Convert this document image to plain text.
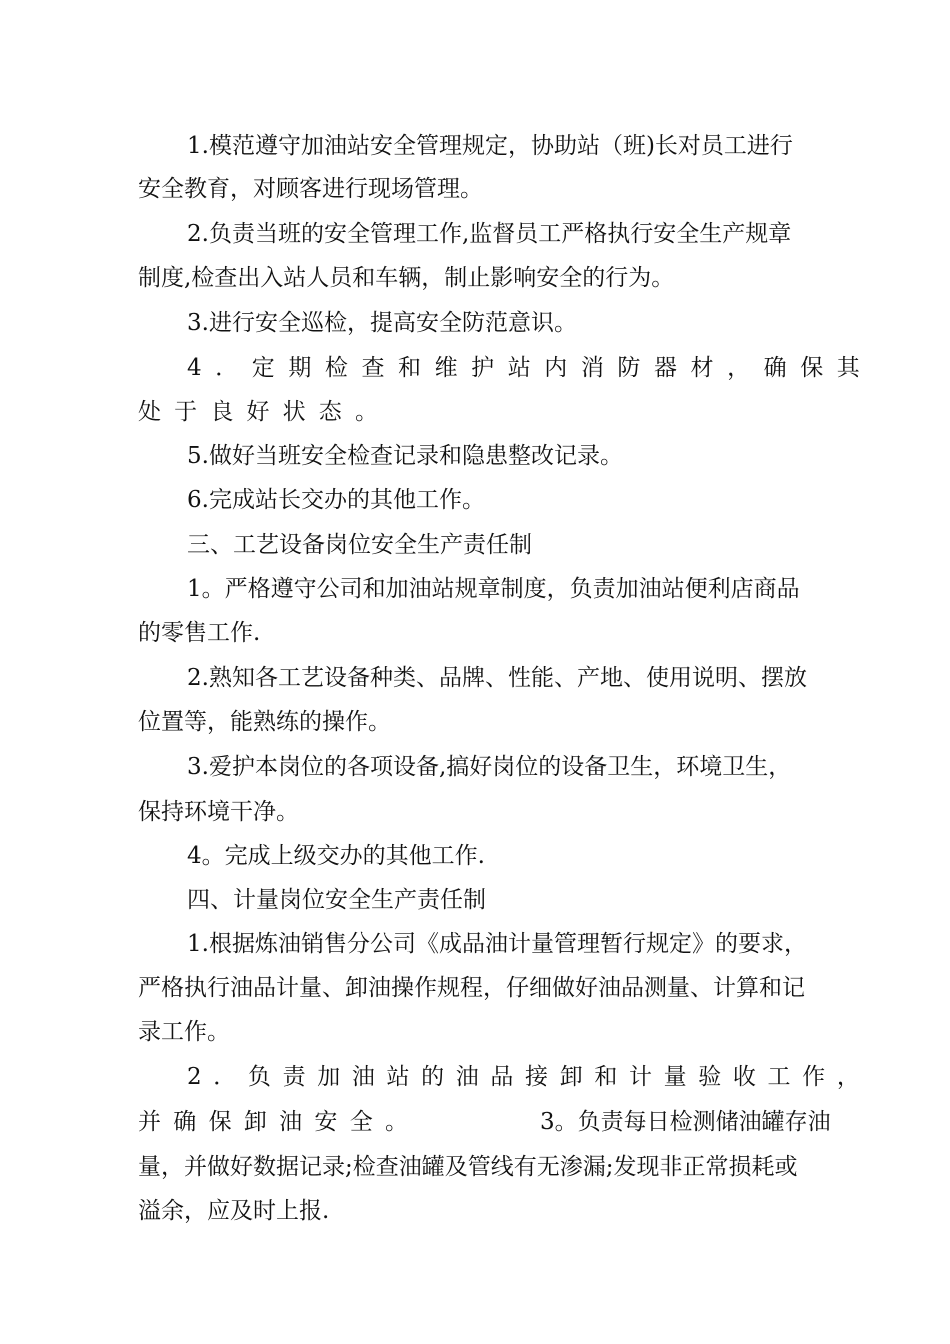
1.模范遵守加油站安全管理规定，协助站（班)长对员工进行
安全教育，对顾客进行现场管理。
2.负责当班的安全管理工作,监督员工严格执行安全生产规章
制度,检查出入站人员和车辆，制止影响安全的行为。
3.进行安全巡检，提高安全防范意识。
4 ． 定 期 检 查 和 维 护 站 内 消 防 器 材 ， 确 保 其
处 于 良 好 状 态 。
5.做好当班安全检查记录和隐患整改记录。
6.完成站长交办的其他工作。
三、工艺设备岗位安全生产责任制
1。严格遵守公司和加油站规章制度，负责加油站便利店商品
的零售工作.
2.熟知各工艺设备种类、品牌、性能、产地、使用说明、摆放
位置等，能熟练的操作。
3.爱护本岗位的各项设备,搞好岗位的设备卫生，环境卫生，
保持环境干净。
4。完成上级交办的其他工作.
四、计量岗位安全生产责任制
1.根据炼油销售分公司《成品油计量管理暂行规定》的要求，
严格执行油品计量、卸油操作规程，仔细做好油品测量、计算和记
录工作。
2 ． 负 责 加 油 站 的 油 品 接 卸 和 计 量 验 收 工 作 ，
并 确 保 卸 油 安 全 。	3。负责每日检测储油罐存油
量，并做好数据记录;检查油罐及管线有无渗漏;发现非正常损耗或
溢余，应及时上报.
